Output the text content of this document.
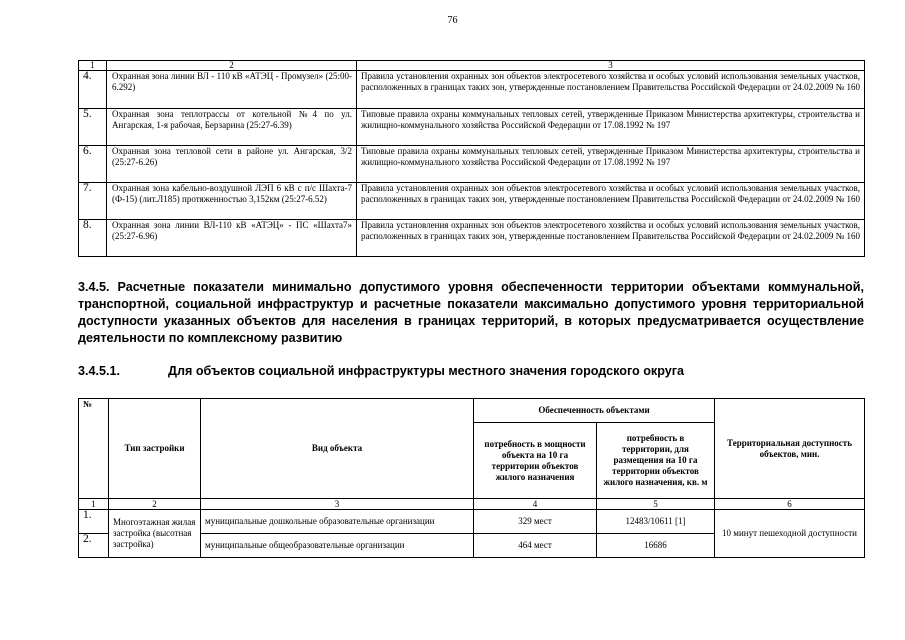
76
1	2	3
4.	Охранная зона линии ВЛ - 110 кВ «АТЭЦ - Промузел» (25:00-6.292)	Правила установления охранных зон объектов электросетевого хозяйства и особых условий использования земельных участков, расположенных в границах таких зон, утвержденные постановлением Правительства Российской Федерации от 24.02.2009 № 160
5.	Охранная зона теплотрассы от котельной №4 по ул. Ангарская, 1-я рабочая, Берзарина (25:27-6.39)	Типовые правила охраны коммунальных тепловых сетей, утвержденные Приказом Министерства архитектуры, строительства и жилищно-коммунального хозяйства Российской Федерации от 17.08.1992 № 197
6.	Охранная зона тепловой сети в районе ул. Ангарская, 3/2 (25:27-6.26)	Типовые правила охраны коммунальных тепловых сетей, утвержденные Приказом Министерства архитектуры, строительства и жилищно-коммунального хозяйства Российской Федерации от 17.08.1992 № 197
7.	Охранная зона кабельно-воздушной ЛЭП 6 кВ с п/с Шахта-7 (Ф-15) (лит.Л185) протяженностью 3,152км (25:27-6.52)	Правила установления охранных зон объектов электросетевого хозяйства и особых условий использования земельных участков, расположенных в границах таких зон, утвержденные постановлением Правительства Российской Федерации от 24.02.2009 № 160
8.	Охранная зона линии ВЛ-110 кВ «АТЭЦ» - ПС «Шахта7» (25:27-6.96)	Правила установления охранных зон объектов электросетевого хозяйства и особых условий использования земельных участков, расположенных в границах таких зон, утвержденные постановлением Правительства Российской Федерации от 24.02.2009 № 160
3.4.5. Расчетные показатели минимально допустимого уровня обеспеченности территории объектами коммунальной, транспортной, социальной инфраструктур и расчетные показатели максимально допустимого уровня территориальной доступности указанных объектов для населения в границах территорий, в которых предусматривается осуществление деятельности по комплексному развитию
3.4.5.1.	Для объектов социальной инфраструктуры местного значения городского округа
№	Тип застройки	Вид объекта	Обеспеченность объектами		Территориальная доступность объектов, мин.
			потребность в мощности объекта на 10 га территории объектов жилого назначения	потребность в территории, для размещения на 10 га территории объектов жилого назначения, кв. м	
1	2	3	4	5	6
1.	Многоэтажная жилая застройка (высотная застройка)	муниципальные дошкольные образовательные организации	329 мест	12483/10611 [1]	10 минут пешеходной доступности
2.		муниципальные общеобразовательные организации	464 мест	16686	
